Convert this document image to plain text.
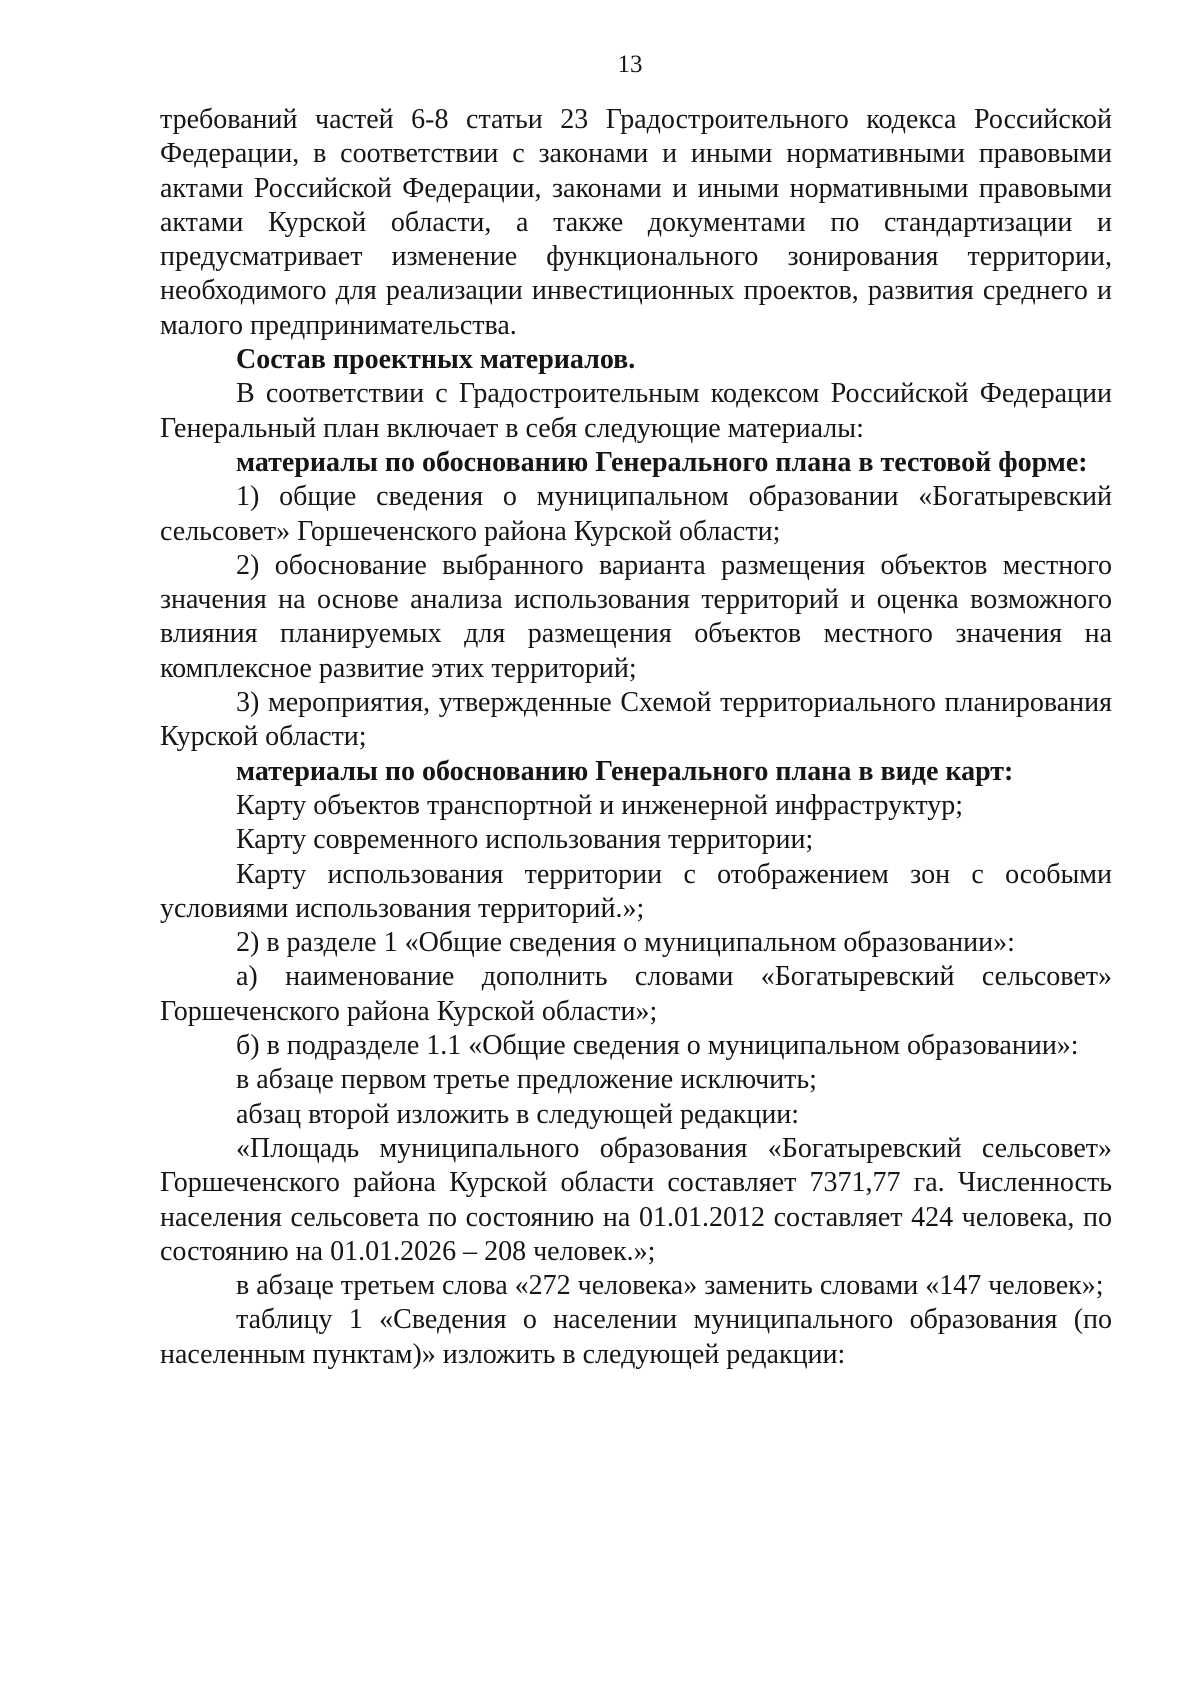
13

требований частей 6-8 статьи 23 Градостроительного кодекса Российской Федерации, в соответствии с законами и иными нормативными правовыми актами Российской Федерации, законами и иными нормативными правовыми актами Курской области, а также документами по стандартизации и предусматривает изменение функционального зонирования территории, необходимого для реализации инвестиционных проектов, развития среднего и малого предпринимательства.

Состав проектных материалов.

В соответствии с Градостроительным кодексом Российской Федерации Генеральный план включает в себя следующие материалы:

материалы по обоснованию Генерального плана в тестовой форме:

1) общие сведения о муниципальном образовании «Богатыревский сельсовет» Горшеченского района Курской области;

2) обоснование выбранного варианта размещения объектов местного значения на основе анализа использования территорий и оценка возможного влияния планируемых для размещения объектов местного значения на комплексное развитие этих территорий;

3) мероприятия, утвержденные Схемой территориального планирования Курской области;

материалы по обоснованию Генерального плана в виде карт:

Карту объектов транспортной и инженерной инфраструктур;

Карту современного использования территории;

Карту использования территории с отображением зон с особыми условиями использования территорий.»;

2) в разделе 1 «Общие сведения о муниципальном образовании»:

а) наименование дополнить словами «Богатыревский сельсовет» Горшеченского района Курской области»;

б) в подразделе 1.1 «Общие сведения о муниципальном образовании»:

в абзаце первом третье предложение исключить;

абзац второй изложить в следующей редакции:

«Площадь муниципального образования «Богатыревский сельсовет» Горшеченского района Курской области составляет 7371,77 га. Численность населения сельсовета по состоянию на 01.01.2012 составляет 424 человека, по состоянию на 01.01.2026 – 208 человек.»;

в абзаце третьем слова «272 человека» заменить словами «147 человек»;

таблицу 1 «Сведения о населении муниципального образования (по населенным пунктам)» изложить в следующей редакции:
